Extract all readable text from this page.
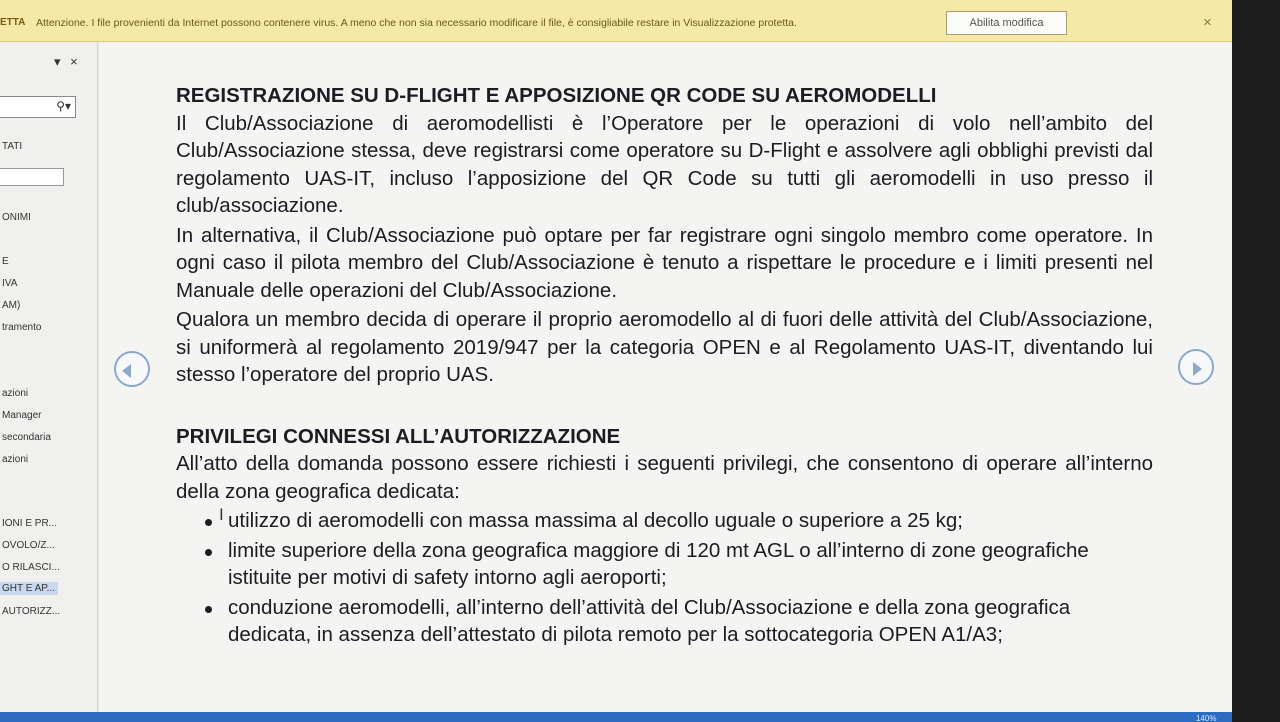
ETTA Attenzione. I file provenienti da Internet possono contenere virus. A meno che non sia necessario modificare il file, è consigliabile restare in Visualizzazione protetta.	Abilita modifica	×
▾ ×
⚲▾
TATI
ONIMI
E
IVA
AM)
tramento
azioni
Manager
secondaria
azioni
IONI E PR...
OVOLO/Z...
O RILASCI...
GHT E AP...
AUTORIZZ...
REGISTRAZIONE SU D-FLIGHT E APPOSIZIONE QR CODE SU AEROMODELLI

Il Club/Associazione di aeromodellisti è l’Operatore per le operazioni di volo nell’ambito del Club/Associazione stessa, deve registrarsi come operatore su D-Flight e assolvere agli obblighi previsti dal regolamento UAS-IT, incluso l’apposizione del QR Code su tutti gli aeromodelli in uso presso il club/associazione.

In alternativa, il Club/Associazione può optare per far registrare ogni singolo membro come operatore. In ogni caso il pilota membro del Club/Associazione è tenuto a rispettare le procedure e i limiti presenti nel Manuale delle operazioni del Club/Associazione.

Qualora un membro decida di operare il proprio aeromodello al di fuori delle attività del Club/Associazione, si uniformerà al regolamento 2019/947 per la categoria OPEN e al Regolamento UAS-IT, diventando lui stesso l’operatore del proprio UAS.

PRIVILEGI CONNESSI ALL’AUTORIZZAZIONE

All’atto della domanda possono essere richiesti i seguenti privilegi, che consentono di operare all’interno della zona geografica dedicata:

utilizzo di aeromodelli con massa massima al decollo uguale o superiore a 25 kg;
limite superiore della zona geografica maggiore di 120 mt AGL o all’interno di zone geografiche istituite per motivi di safety intorno agli aeroporti;
conduzione aeromodelli, all’interno dell’attività del Club/Associazione e della zona geografica dedicata, in assenza dell’attestato di pilota remoto per la sottocategoria OPEN A1/A3;
I
140%
